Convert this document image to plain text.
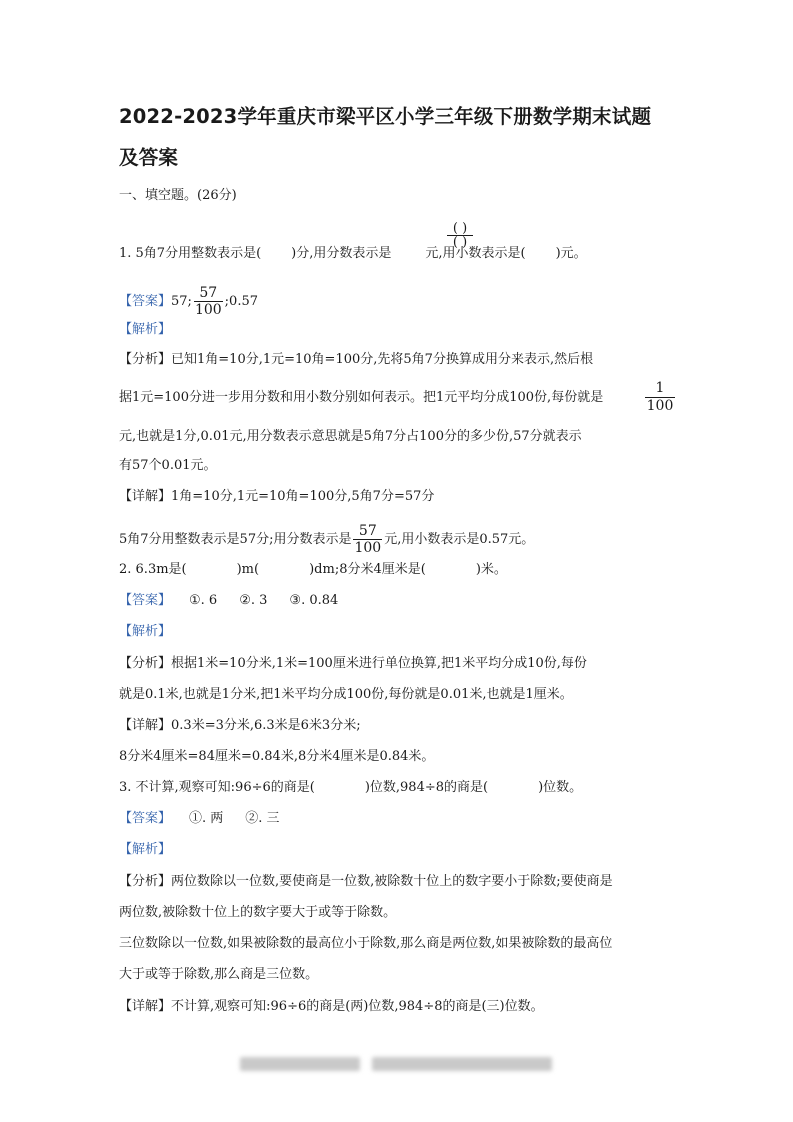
2022-2023学年重庆市梁平区小学三年级下册数学期末试题
及答案
一、填空题。(26分)
1. 5角7分用整数表示是( )分,用分数表示是	元,用小数表示是( )元。
( )
( )
【答案】57; $\frac{57}{100}$ ;0.57
【解析】
【分析】已知1角=10分,1元=10角=100分,先将5角7分换算成用分来表示,然后根
据1元=100分进一步用分数和用小数分别如何表示。把1元平均分成100份,每份就是	$\frac{1}{100}$
元,也就是1分,0.01元,用分数表示意思就是5角7分占100分的多少份,57分就表示
有57个0.01元。
【详解】1角=10分,1元=10角=100分,5角7分=57分
5角7分用整数表示是57分;用分数表示是 $\frac{57}{100}$ 元,用小数表示是0.57元。
2. 6.3m是(	)m(	)dm;8分米4厘米是(	)米。
【答案】 ①. 6 ②. 3 ③. 0.84
【解析】
【分析】根据1米=10分米,1米=100厘米进行单位换算,把1米平均分成10份,每份
就是0.1米,也就是1分米,把1米平均分成100份,每份就是0.01米,也就是1厘米。
【详解】0.3米=3分米,6.3米是6米3分米;
8分米4厘米=84厘米=0.84米,8分米4厘米是0.84米。
3. 不计算,观察可知:96÷6的商是(	)位数,984÷8的商是(	)位数。
【答案】 ①. 两 ②. 三
【解析】
【分析】两位数除以一位数,要使商是一位数,被除数十位上的数字要小于除数;要使商是
两位数,被除数十位上的数字要大于或等于除数。
三位数除以一位数,如果被除数的最高位小于除数,那么商是两位数,如果被除数的最高位
大于或等于除数,那么商是三位数。
【详解】不计算,观察可知:96÷6的商是(两)位数,984÷8的商是(三)位数。
